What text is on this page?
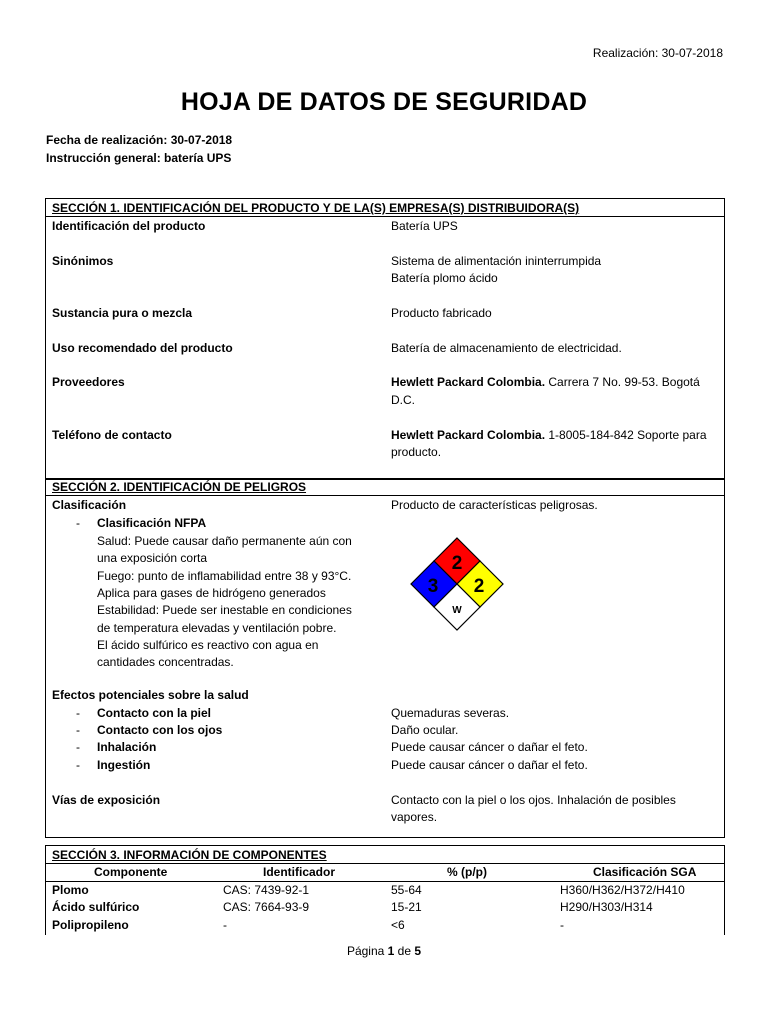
Realización: 30-07-2018
HOJA DE DATOS DE SEGURIDAD
Fecha de realización: 30-07-2018
Instrucción general: batería UPS
SECCIÓN 1. IDENTIFICACIÓN DEL PRODUCTO Y DE LA(S) EMPRESA(S) DISTRIBUIDORA(S)
Identificación del producto	Batería UPS
Sinónimos	Sistema de alimentación ininterrumpida
Batería plomo ácido
Sustancia pura o mezcla	Producto fabricado
Uso recomendado del producto	Batería de almacenamiento de electricidad.
Proveedores	Hewlett Packard Colombia. Carrera 7 No. 99-53. Bogotá
D.C.
Teléfono de contacto	Hewlett Packard Colombia. 1-8005-184-842 Soporte para
producto.
SECCIÓN 2. IDENTIFICACIÓN DE PELIGROS
Clasificación	Producto de características peligrosas.
- Clasificación NFPA
Salud: Puede causar daño permanente aún con
una exposición corta
Fuego: punto de inflamabilidad entre 38 y 93°C.
Aplica para gases de hidrógeno generados
Estabilidad: Puede ser inestable en condiciones
de temperatura elevadas y ventilación pobre.
El ácido sulfúrico es reactivo con agua en
cantidades concentradas.
2
3 2
W
Efectos potenciales sobre la salud
- Contacto con la piel	Quemaduras severas.
- Contacto con los ojos	Daño ocular.
- Inhalación	Puede causar cáncer o dañar el feto.
- Ingestión	Puede causar cáncer o dañar el feto.
Vías de exposición	Contacto con la piel o los ojos. Inhalación de posibles
vapores.
SECCIÓN 3. INFORMACIÓN DE COMPONENTES
Componente	Identificador	% (p/p)	Clasificación SGA
Plomo	CAS: 7439-92-1	55-64	H360/H362/H372/H410
Ácido sulfúrico	CAS: 7664-93-9	15-21	H290/H303/H314
Polipropileno	-	<6	-
Página 1 de 5
